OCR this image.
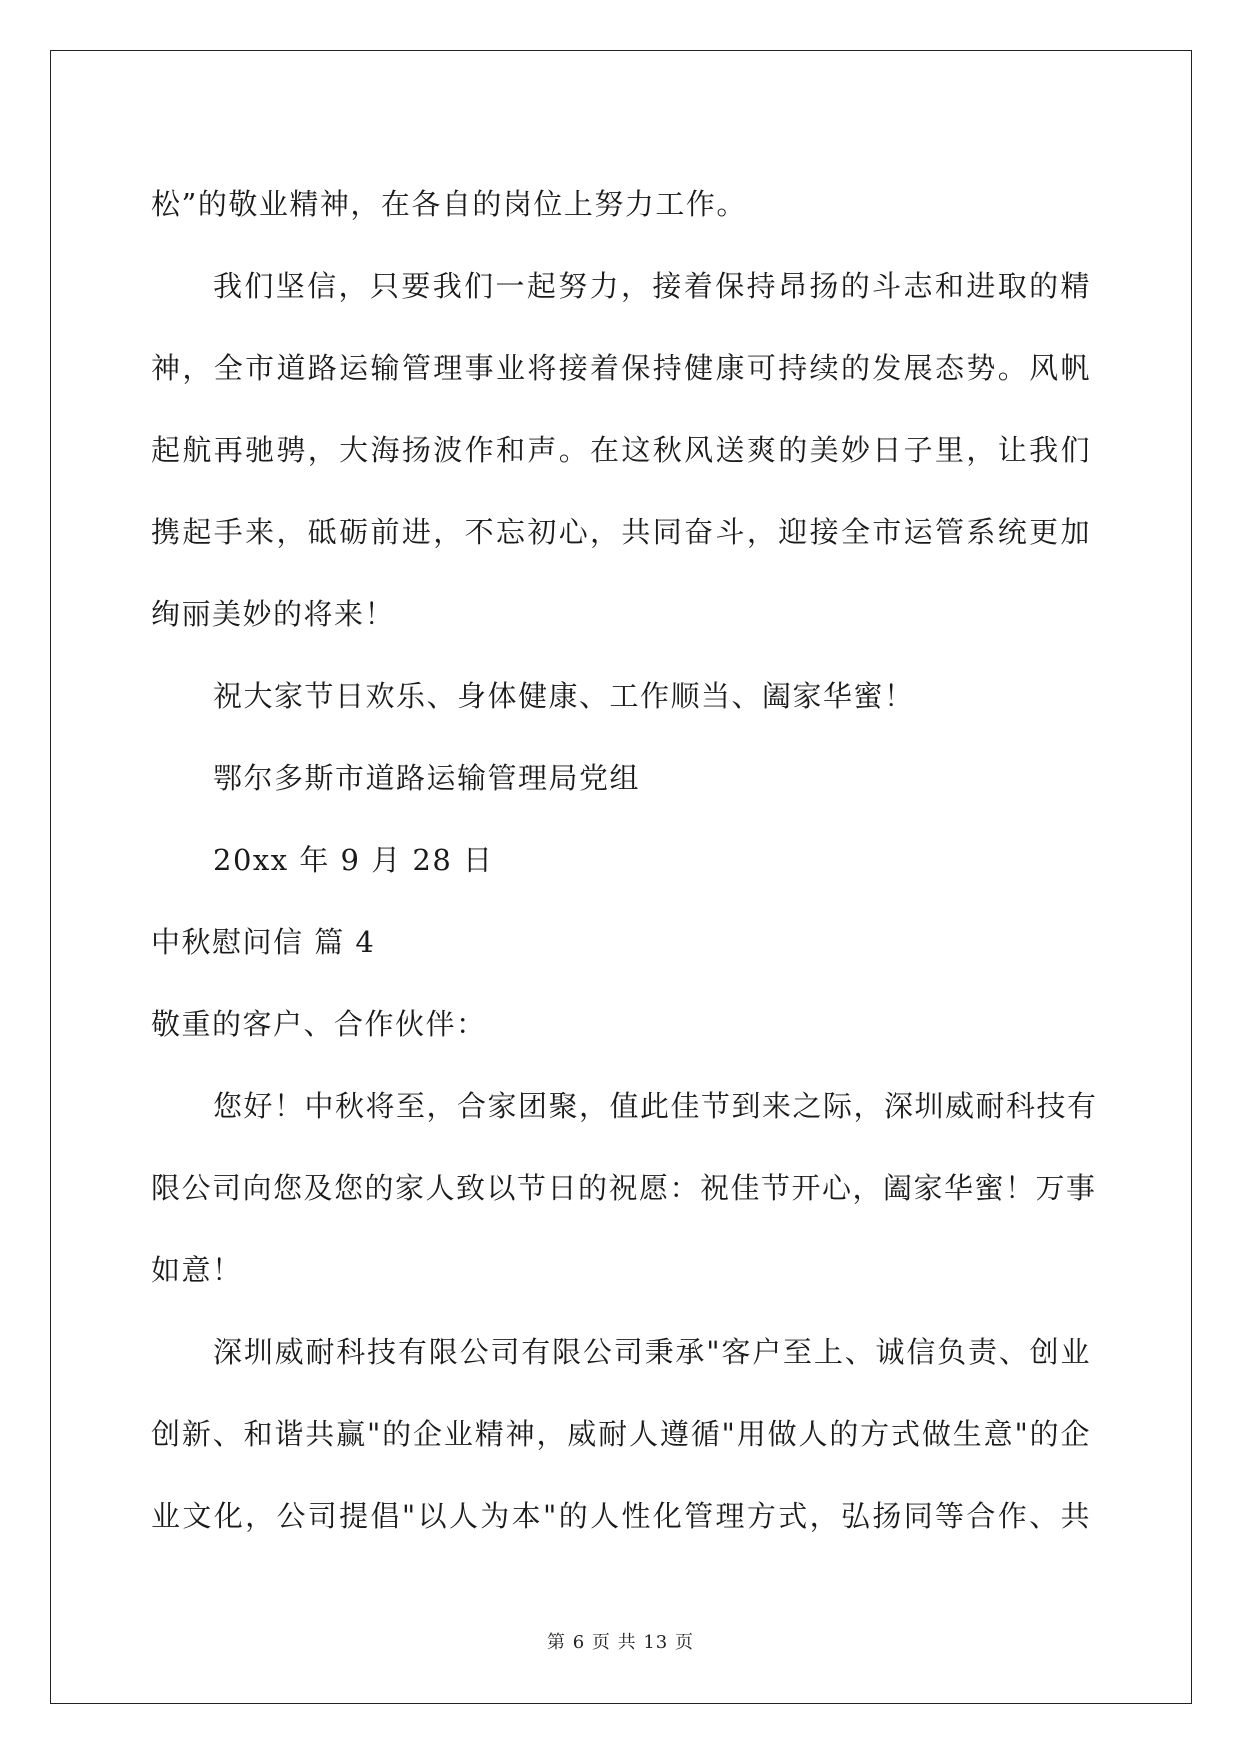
松”的敬业精神，在各自的岗位上努力工作。
我们坚信，只要我们一起努力，接着保持昂扬的斗志和进取的精
神，全市道路运输管理事业将接着保持健康可持续的发展态势。风帆
起航再驰骋，大海扬波作和声。在这秋风送爽的美妙日子里，让我们
携起手来，砥砺前进，不忘初心，共同奋斗，迎接全市运管系统更加
绚丽美妙的将来！
祝大家节日欢乐、身体健康、工作顺当、阖家华蜜！
鄂尔多斯市道路运输管理局党组
20xx 年 9 月 28 日
中秋慰问信 篇 4
敬重的客户、合作伙伴：
您好！中秋将至，合家团聚，值此佳节到来之际，深圳威耐科技有
限公司向您及您的家人致以节日的祝愿：祝佳节开心，阖家华蜜！万事
如意！
深圳威耐科技有限公司有限公司秉承"客户至上、诚信负责、创业
创新、和谐共赢"的企业精神，威耐人遵循"用做人的方式做生意"的企
业文化，公司提倡"以人为本"的人性化管理方式，弘扬同等合作、共
第 6 页 共 13 页
